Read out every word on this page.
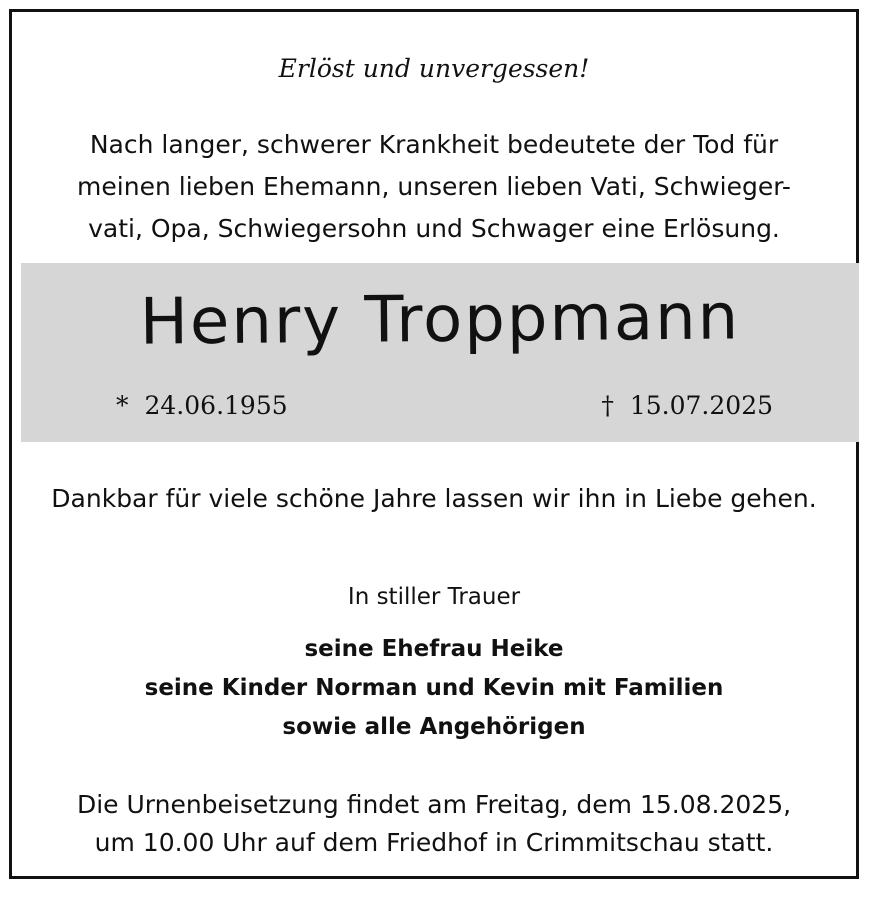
Erlöst und unvergessen!
Nach langer, schwerer Krankheit bedeutete der Tod für
meinen lieben Ehemann, unseren lieben Vati, Schwieger-
vati, Opa, Schwiegersohn und Schwager eine Erlösung.
Henry Troppmann
* 24.06.1955	† 15.07.2025
Dankbar für viele schöne Jahre lassen wir ihn in Liebe gehen.
In stiller Trauer
seine Ehefrau Heike
seine Kinder Norman und Kevin mit Familien
sowie alle Angehörigen
Die Urnenbeisetzung findet am Freitag, dem 15.08.2025,
um 10.00 Uhr auf dem Friedhof in Crimmitschau statt.
